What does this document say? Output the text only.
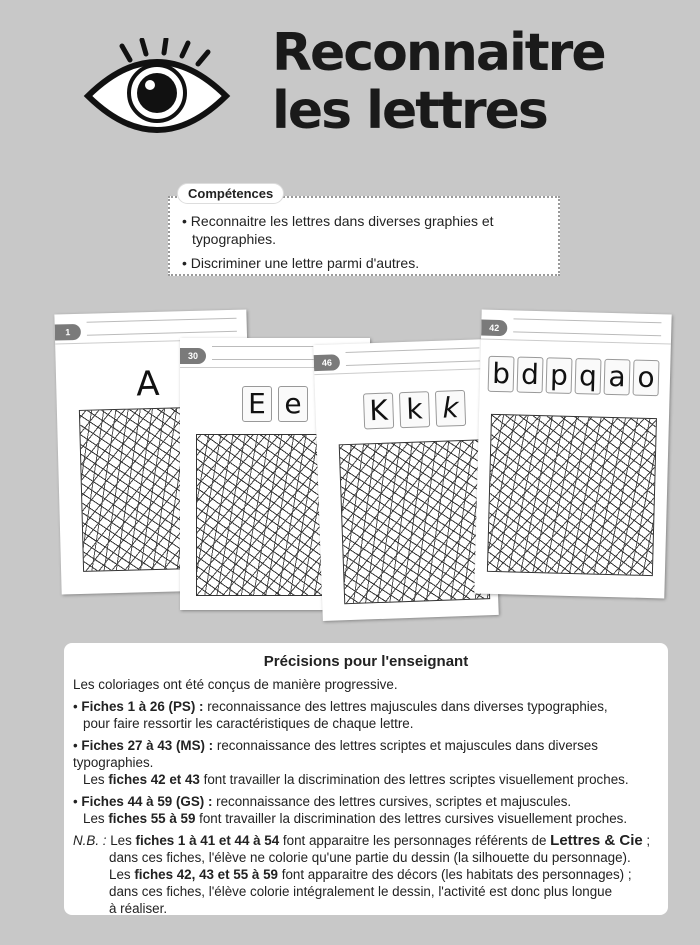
Reconnaitre
les lettres
Compétences
• Reconnaitre les lettres dans diverses graphies et typographies.
• Discriminer une lettre parmi d'autres.
1
A
30
E e
46
K k k
42
b d p q a o
Précisions pour l'enseignant

Les coloriages ont été conçus de manière progressive.

• Fiches 1 à 26 (PS) : reconnaissance des lettres majuscules dans diverses typographies,
pour faire ressortir les caractéristiques de chaque lettre.

• Fiches 27 à 43 (MS) : reconnaissance des lettres scriptes et majuscules dans diverses typographies.
Les fiches 42 et 43 font travailler la discrimination des lettres scriptes visuellement proches.

• Fiches 44 à 59 (GS) : reconnaissance des lettres cursives, scriptes et majuscules.
Les fiches 55 à 59 font travailler la discrimination des lettres cursives visuellement proches.

N.B. : Les fiches 1 à 41 et 44 à 54 font apparaitre les personnages référents de Lettres & Cie ;
dans ces fiches, l'élève ne colorie qu'une partie du dessin (la silhouette du personnage).
Les fiches 42, 43 et 55 à 59 font apparaitre des décors (les habitats des personnages) ;
dans ces fiches, l'élève colorie intégralement le dessin, l'activité est donc plus longue
à réaliser.
